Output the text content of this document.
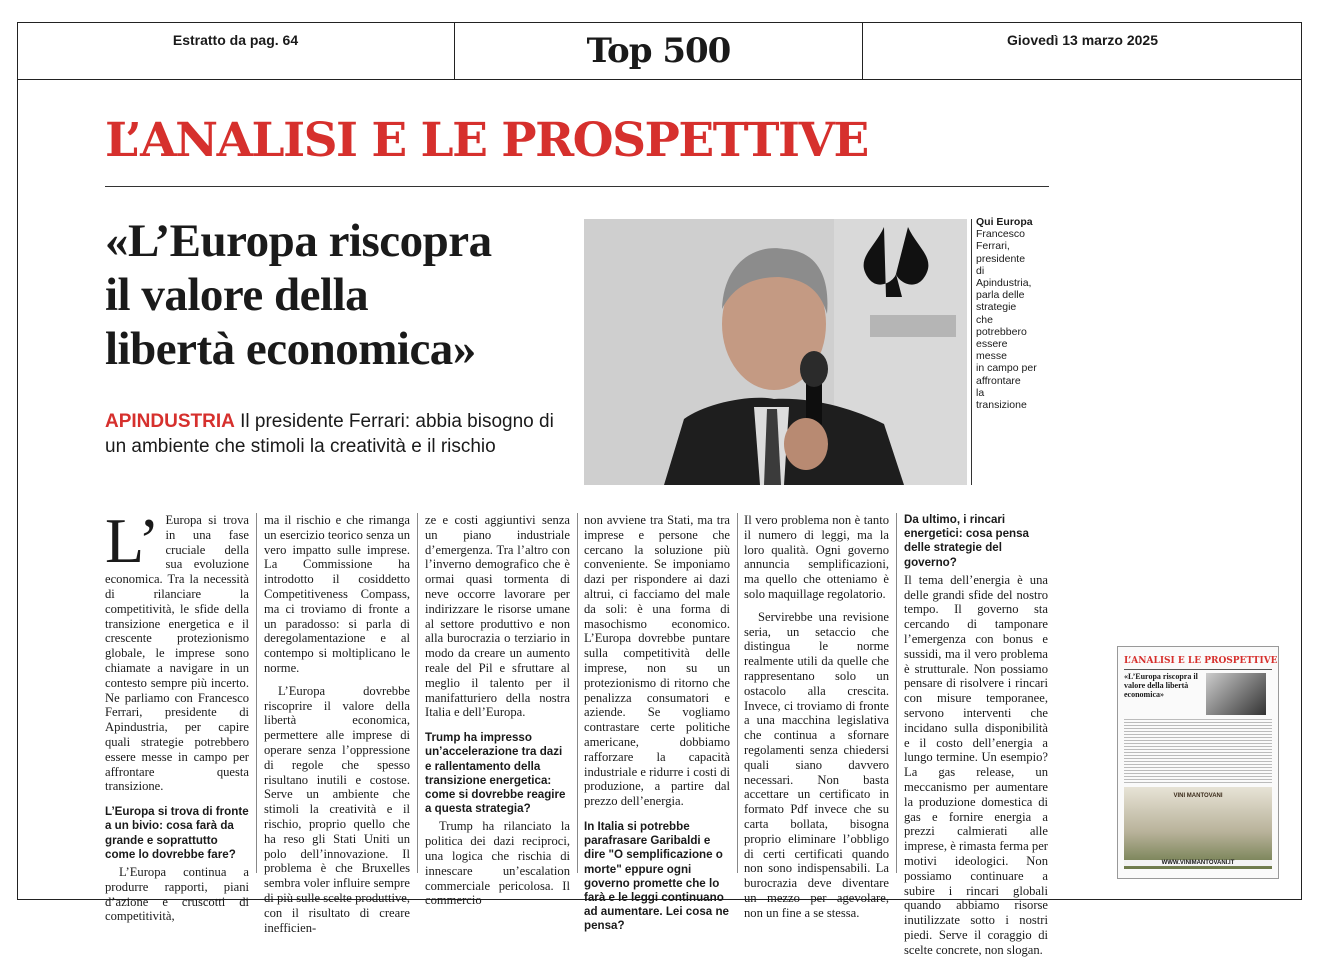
Estratto da pag. 64	Top 500	Giovedì 13 marzo 2025
L’ANALISI E LE PROSPETTIVE
«L’Europa riscopra
il valore della
libertà economica»
APINDUSTRIA Il presidente Ferrari: abbia bisogno di un ambiente che stimoli la creatività e il rischio
Qui Europa
Francesco
Ferrari,
presidente
di
Apindustria,
parla delle
strategie
che
potrebbero
essere
messe
in campo per
affrontare
la
transizione
L’ Europa si trova in una fase cruciale della sua evoluzione economica. Tra la necessità di rilanciare la competitività, le sfide della transizione energetica e il crescente protezionismo globale, le imprese sono chiamate a navigare in un contesto sempre più incerto. Ne parliamo con Francesco Ferrari, presidente di Apindustria, per capire quali strategie potrebbero essere messe in campo per affrontare questa transizione.
L’Europa si trova di fronte a un bivio: cosa farà da grande e soprattutto come lo dovrebbe fare?
L’Europa continua a produrre rapporti, piani d’azione e cruscotti di competitività,
ma il rischio e che rimanga un esercizio teorico senza un vero impatto sulle imprese. La Commissione ha introdotto il cosiddetto Competitiveness Compass, ma ci troviamo di fronte a un paradosso: si parla di deregolamentazione e al contempo si moltiplicano le norme.
L’Europa dovrebbe riscoprire il valore della libertà economica, permettere alle imprese di operare senza l’oppressione di regole che spesso risultano inutili e costose. Serve un ambiente che stimoli la creatività e il rischio, proprio quello che ha reso gli Stati Uniti un polo dell’innovazione. Il problema è che Bruxelles sembra voler influire sempre di più sulle scelte produttive, con il risultato di creare inefficien-
ze e costi aggiuntivi senza un piano industriale d’emergenza. Tra l’altro con l’inverno demografico che è ormai quasi tormenta di neve occorre lavorare per indirizzare le risorse umane al settore produttivo e non alla burocrazia o terziario in modo da creare un aumento reale del Pil e sfruttare al meglio il talento per il manifatturiero della nostra Italia e dell’Europa.
Trump ha impresso un’accelerazione tra dazi e rallentamento della transizione energetica: come si dovrebbe reagire a questa strategia?
Trump ha rilanciato la politica dei dazi reciproci, una logica che rischia di innescare un’escalation commerciale pericolosa. Il commercio
non avviene tra Stati, ma tra imprese e persone che cercano la soluzione più conveniente. Se imponiamo dazi per rispondere ai dazi altrui, ci facciamo del male da soli: è una forma di masochismo economico. L’Europa dovrebbe puntare sulla competitività delle imprese, non su un protezionismo di ritorno che penalizza consumatori e aziende. Se vogliamo contrastare certe politiche americane, dobbiamo rafforzare la capacità industriale e ridurre i costi di produzione, a partire dal prezzo dell’energia.
In Italia si potrebbe parafrasare Garibaldi e dire "O semplificazione o morte" eppure ogni governo promette che lo farà e le leggi continuano ad aumentare. Lei cosa ne pensa?
Il vero problema non è tanto il numero di leggi, ma la loro qualità. Ogni governo annuncia semplificazioni, ma quello che otteniamo è solo maquillage regolatorio.
Servirebbe una revisione seria, un setaccio che distingua le norme realmente utili da quelle che rappresentano solo un ostacolo alla crescita. Invece, ci troviamo di fronte a una macchina legislativa che continua a sfornare regolamenti senza chiedersi quali siano davvero necessari. Non basta accettare un certificato in formato Pdf invece che su carta bollata, bisogna proprio eliminare l’obbligo di certi certificati quando non sono indispensabili. La burocrazia deve diventare un mezzo per agevolare, non un fine a se stessa.
Da ultimo, i rincari energetici: cosa pensa delle strategie del governo?
Il tema dell’energia è una delle grandi sfide del nostro tempo. Il governo sta cercando di tamponare l’emergenza con bonus e sussidi, ma il vero problema è strutturale. Non possiamo pensare di risolvere i rincari con misure temporanee, servono interventi che incidano sulla disponibilità e il costo dell’energia a lungo termine. Un esempio? La gas release, un meccanismo per aumentare la produzione domestica di gas e fornire energia a prezzi calmierati alle imprese, è rimasta ferma per motivi ideologici. Non possiamo continuare a subire i rincari globali quando abbiamo risorse inutilizzate sotto i nostri piedi. Serve il coraggio di scelte concrete, non slogan.
L’ANALISI E LE PROSPETTIVE
«L’Europa riscopra il valore della libertà economica»
VINI MANTOVANI
WWW.VINIMANTOVANI.IT
